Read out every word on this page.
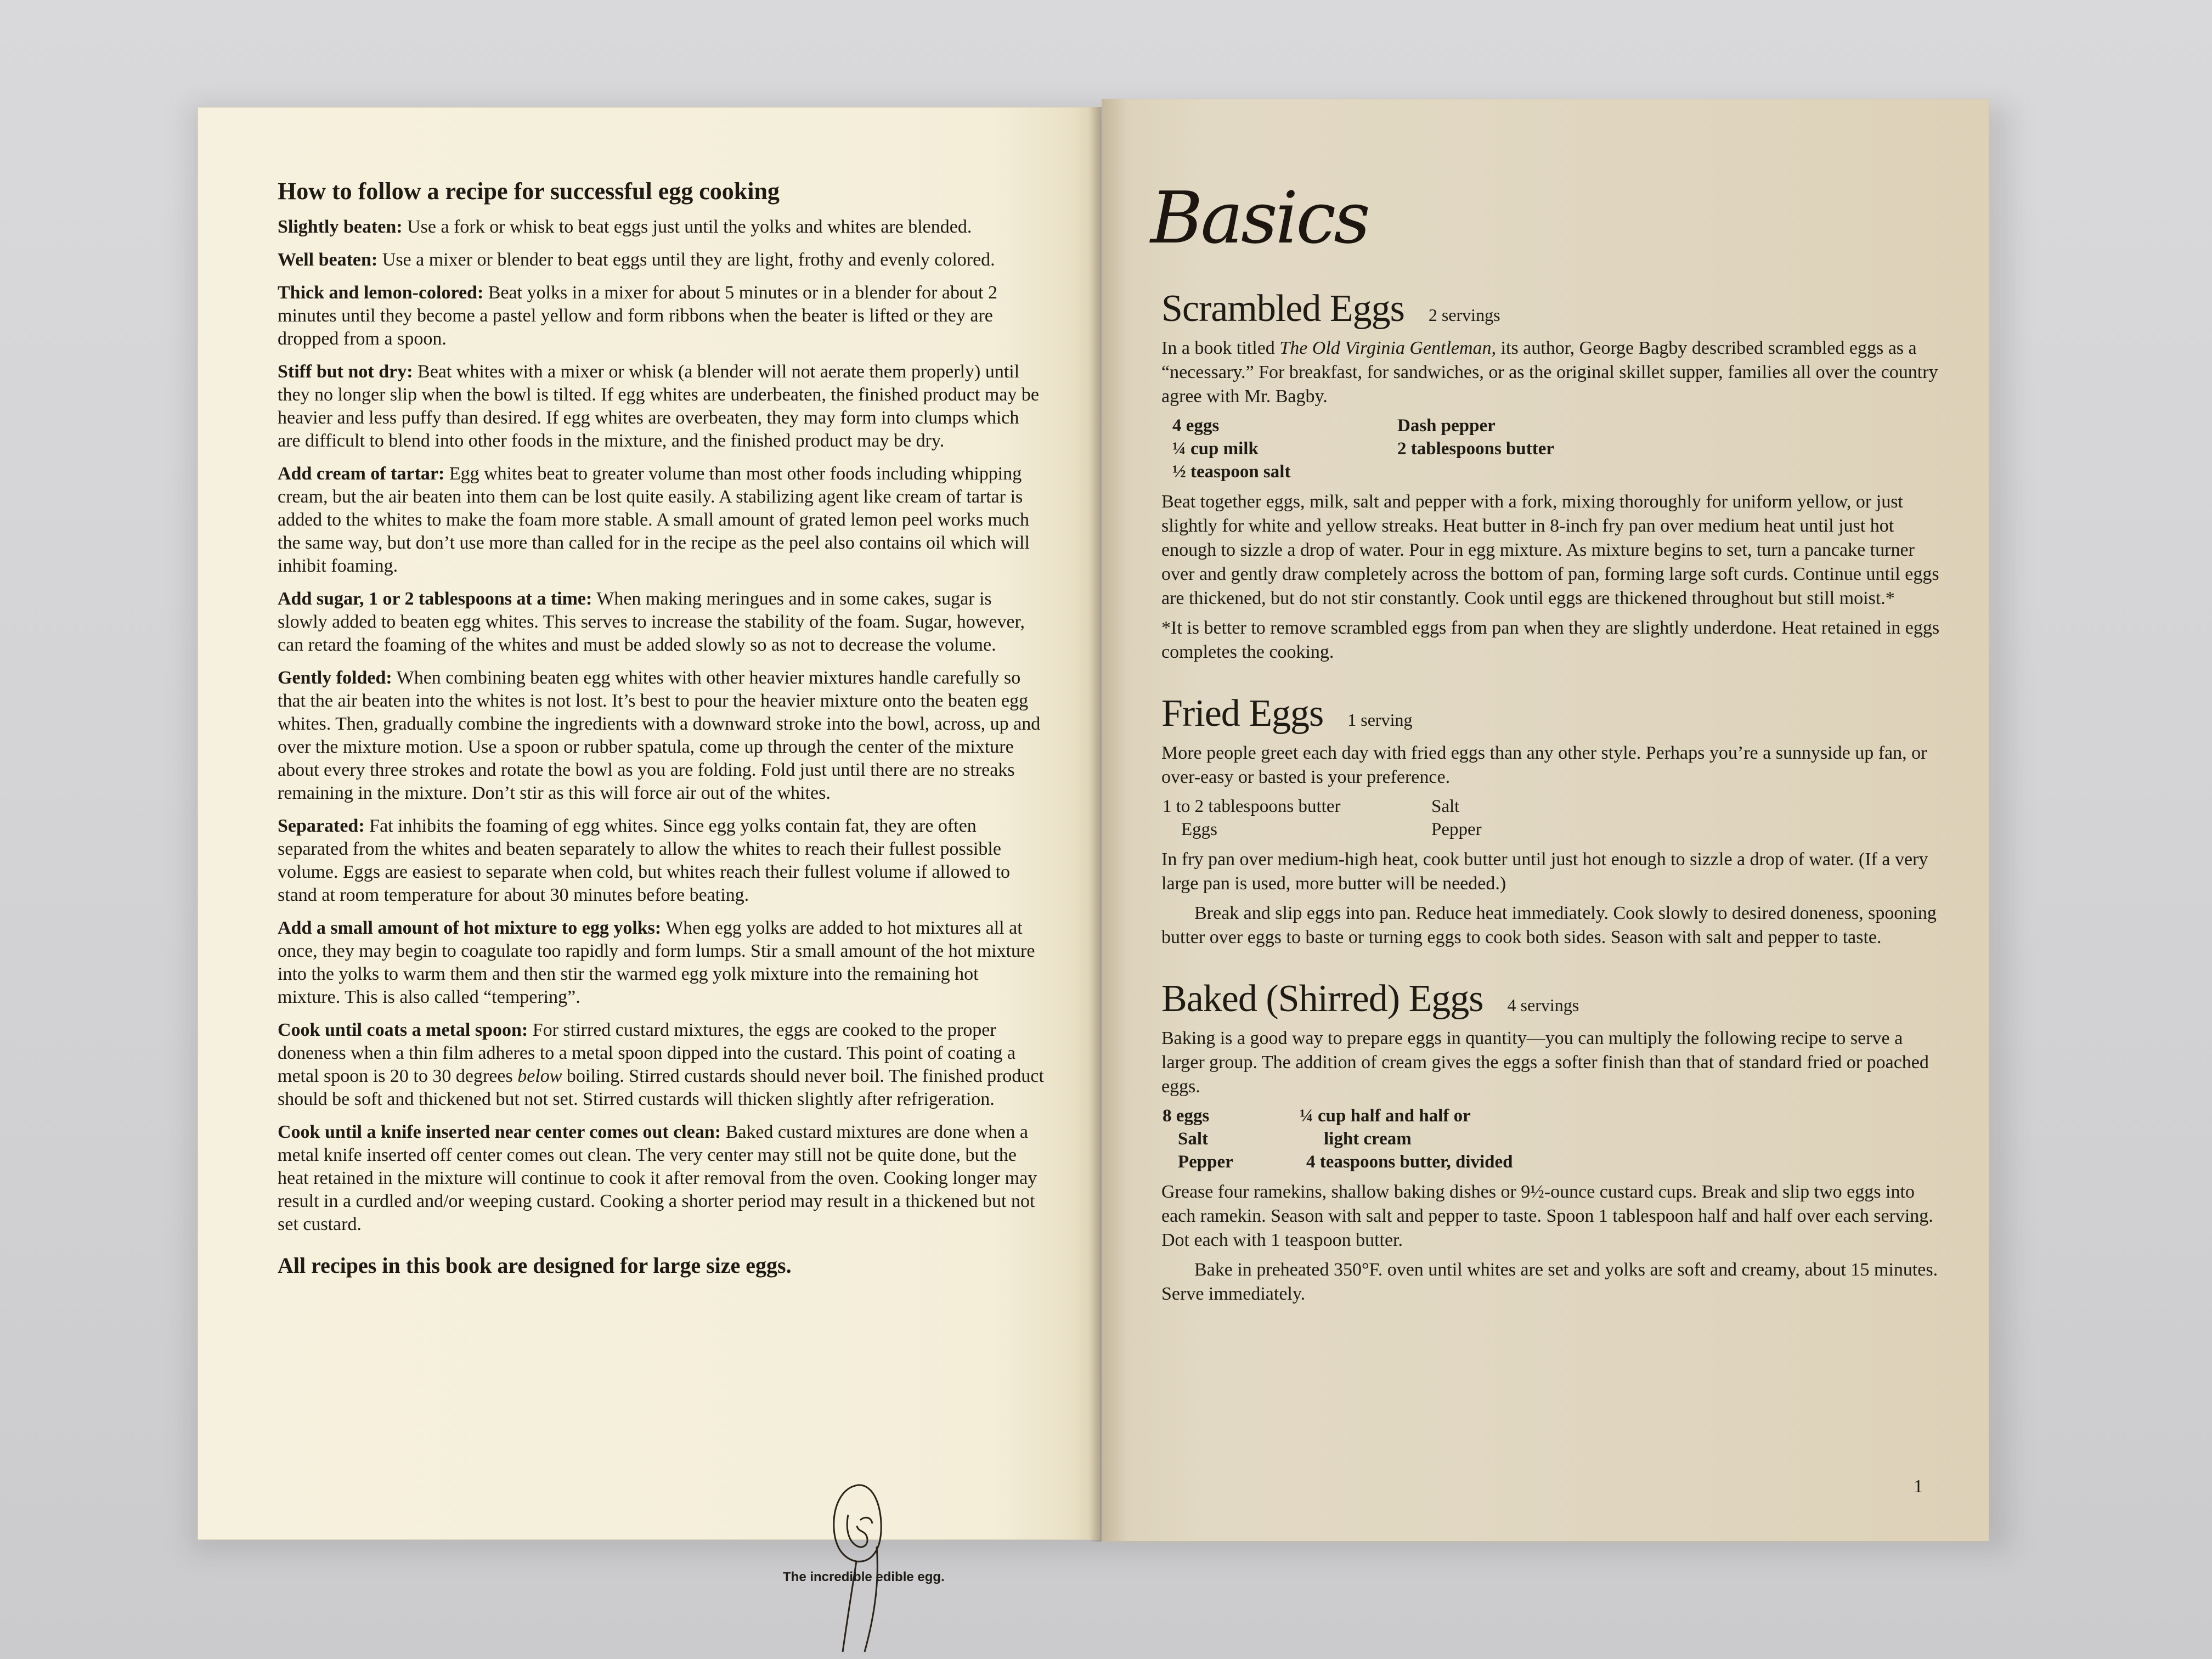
How to follow a recipe for successful egg cooking

Slightly beaten: Use a fork or whisk to beat eggs just until the yolks and whites are blended.

Well beaten: Use a mixer or blender to beat eggs until they are light, frothy and evenly colored.

Thick and lemon-colored: Beat yolks in a mixer for about 5 minutes or in a blender for about 2 minutes until they become a pastel yellow and form ribbons when the beater is lifted or they are dropped from a spoon.

Stiff but not dry: Beat whites with a mixer or whisk (a blender will not aerate them properly) until they no longer slip when the bowl is tilted. If egg whites are underbeaten, the finished product may be heavier and less puffy than desired. If egg whites are overbeaten, they may form into clumps which are difficult to blend into other foods in the mixture, and the finished product may be dry.

Add cream of tartar: Egg whites beat to greater volume than most other foods including whipping cream, but the air beaten into them can be lost quite easily. A stabilizing agent like cream of tartar is added to the whites to make the foam more stable. A small amount of grated lemon peel works much the same way, but don’t use more than called for in the recipe as the peel also contains oil which will inhibit foaming.

Add sugar, 1 or 2 tablespoons at a time: When making meringues and in some cakes, sugar is slowly added to beaten egg whites. This serves to increase the stability of the foam. Sugar, however, can retard the foaming of the whites and must be added slowly so as not to decrease the volume.

Gently folded: When combining beaten egg whites with other heavier mixtures handle carefully so that the air beaten into the whites is not lost. It’s best to pour the heavier mixture onto the beaten egg whites. Then, gradually combine the ingredients with a downward stroke into the bowl, across, up and over the mixture motion. Use a spoon or rubber spatula, come up through the center of the mixture about every three strokes and rotate the bowl as you are folding. Fold just until there are no streaks remaining in the mixture. Don’t stir as this will force air out of the whites.

Separated: Fat inhibits the foaming of egg whites. Since egg yolks contain fat, they are often separated from the whites and beaten separately to allow the whites to reach their fullest possible volume. Eggs are easiest to separate when cold, but whites reach their fullest volume if allowed to stand at room temperature for about 30 minutes before beating.

Add a small amount of hot mixture to egg yolks: When egg yolks are added to hot mixtures all at once, they may begin to coagulate too rapidly and form lumps. Stir a small amount of the hot mixture into the yolks to warm them and then stir the warmed egg yolk mixture into the remaining hot mixture. This is also called “tempering”.

Cook until coats a metal spoon: For stirred custard mixtures, the eggs are cooked to the proper doneness when a thin film adheres to a metal spoon dipped into the custard. This point of coating a metal spoon is 20 to 30 degrees below boiling. Stirred custards should never boil. The finished product should be soft and thickened but not set. Stirred custards will thicken slightly after refrigeration.

Cook until a knife inserted near center comes out clean: Baked custard mixtures are done when a metal knife inserted off center comes out clean. The very center may still not be quite done, but the heat retained in the mixture will continue to cook it after removal from the oven. Cooking longer may result in a curdled and/or weeping custard. Cooking a shorter period may result in a thickened but not set custard.

All recipes in this book are designed for large size eggs.
The incredible edible egg.
Basics
Scrambled Eggs 2 servings

In a book titled The Old Virginia Gentleman, its author, George Bagby described scrambled eggs as a “necessary.” For breakfast, for sandwiches, or as the original skillet supper, families all over the country agree with Mr. Bagby.

4 eggs	Dash pepper
¼ cup milk	2 tablespoons butter
½ teaspoon salt

Beat together eggs, milk, salt and pepper with a fork, mixing thoroughly for uniform yellow, or just slightly for white and yellow streaks. Heat butter in 8-inch fry pan over medium heat until just hot enough to sizzle a drop of water. Pour in egg mixture. As mixture begins to set, turn a pancake turner over and gently draw completely across the bottom of pan, forming large soft curds. Continue until eggs are thickened, but do not stir constantly. Cook until eggs are thickened throughout but still moist.*

*It is better to remove scrambled eggs from pan when they are slightly underdone. Heat retained in eggs completes the cooking.

Fried Eggs 1 serving

More people greet each day with fried eggs than any other style. Perhaps you’re a sunnyside up fan, or over-easy or basted is your preference.

1 to 2 tablespoons butter	Salt
Eggs	Pepper

In fry pan over medium-high heat, cook butter until just hot enough to sizzle a drop of water. (If a very large pan is used, more butter will be needed.)

Break and slip eggs into pan. Reduce heat immediately. Cook slowly to desired doneness, spooning butter over eggs to baste or turning eggs to cook both sides. Season with salt and pepper to taste.

Baked (Shirred) Eggs 4 servings

Baking is a good way to prepare eggs in quantity—you can multiply the following recipe to serve a larger group. The addition of cream gives the eggs a softer finish than that of standard fried or poached eggs.

8 eggs	¼ cup half and half or
Salt	light cream
Pepper	4 teaspoons butter, divided

Grease four ramekins, shallow baking dishes or 9½-ounce custard cups. Break and slip two eggs into each ramekin. Season with salt and pepper to taste. Spoon 1 tablespoon half and half over each serving. Dot each with 1 teaspoon butter.

Bake in preheated 350°F. oven until whites are set and yolks are soft and creamy, about 15 minutes. Serve immediately.

1
